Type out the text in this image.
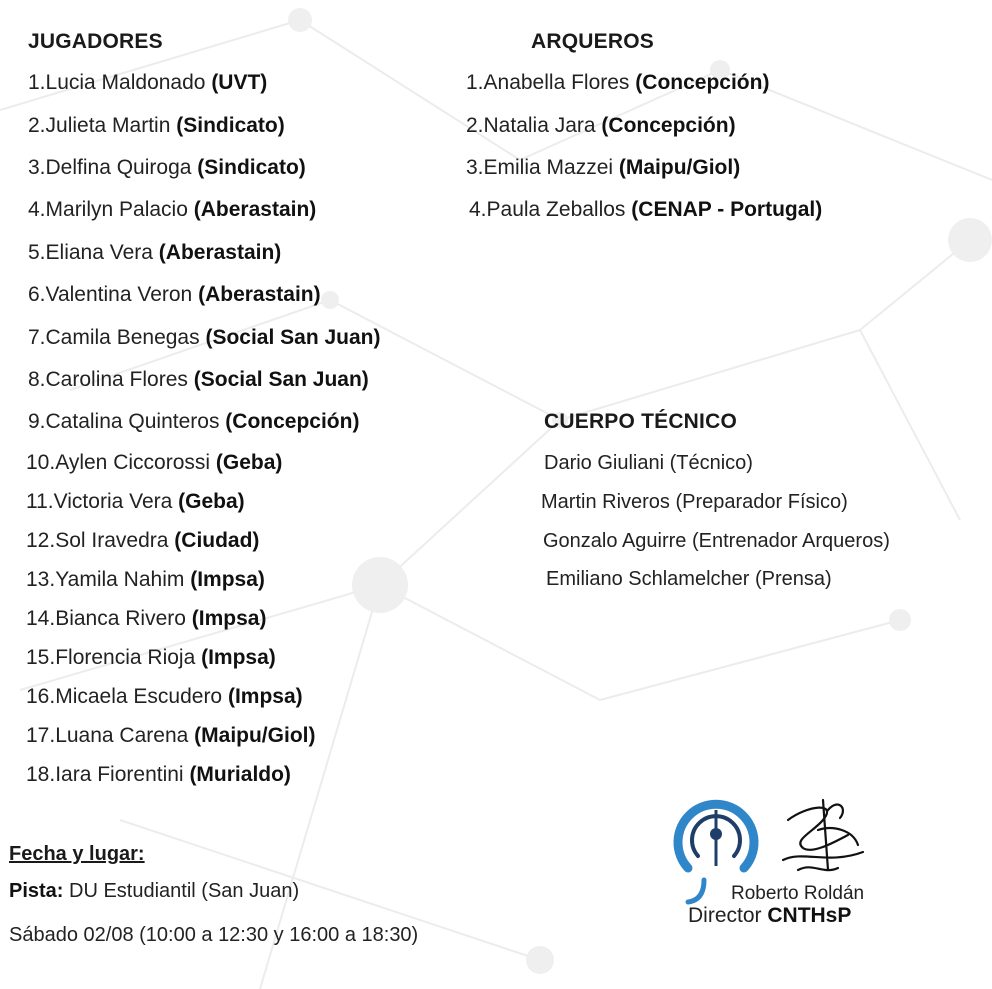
JUGADORES
1.Lucia Maldonado (UVT)
2.Julieta Martin (Sindicato)
3.Delfina Quiroga (Sindicato)
4.Marilyn Palacio (Aberastain)
5.Eliana Vera (Aberastain)
6.Valentina Veron (Aberastain)
7.Camila Benegas (Social San Juan)
8.Carolina Flores (Social San Juan)
9.Catalina Quinteros (Concepción)
10.Aylen Ciccorossi (Geba)
11.Victoria Vera (Geba)
12.Sol Iravedra (Ciudad)
13.Yamila Nahim (Impsa)
14.Bianca Rivero (Impsa)
15.Florencia Rioja (Impsa)
16.Micaela Escudero (Impsa)
17.Luana Carena (Maipu/Giol)
18.Iara Fiorentini (Murialdo)
ARQUEROS
1.Anabella Flores (Concepción)
2.Natalia Jara (Concepción)
3.Emilia Mazzei (Maipu/Giol)
4.Paula Zeballos (CENAP - Portugal)
CUERPO TÉCNICO
Dario Giuliani (Técnico)
Martin Riveros (Preparador Físico)
Gonzalo Aguirre (Entrenador Arqueros)
Emiliano Schlamelcher (Prensa)
Fecha y lugar:
Pista: DU Estudiantil (San Juan)
Sábado 02/08 (10:00 a 12:30 y 16:00 a 18:30)
Roberto Roldán
Director CNTHsP
